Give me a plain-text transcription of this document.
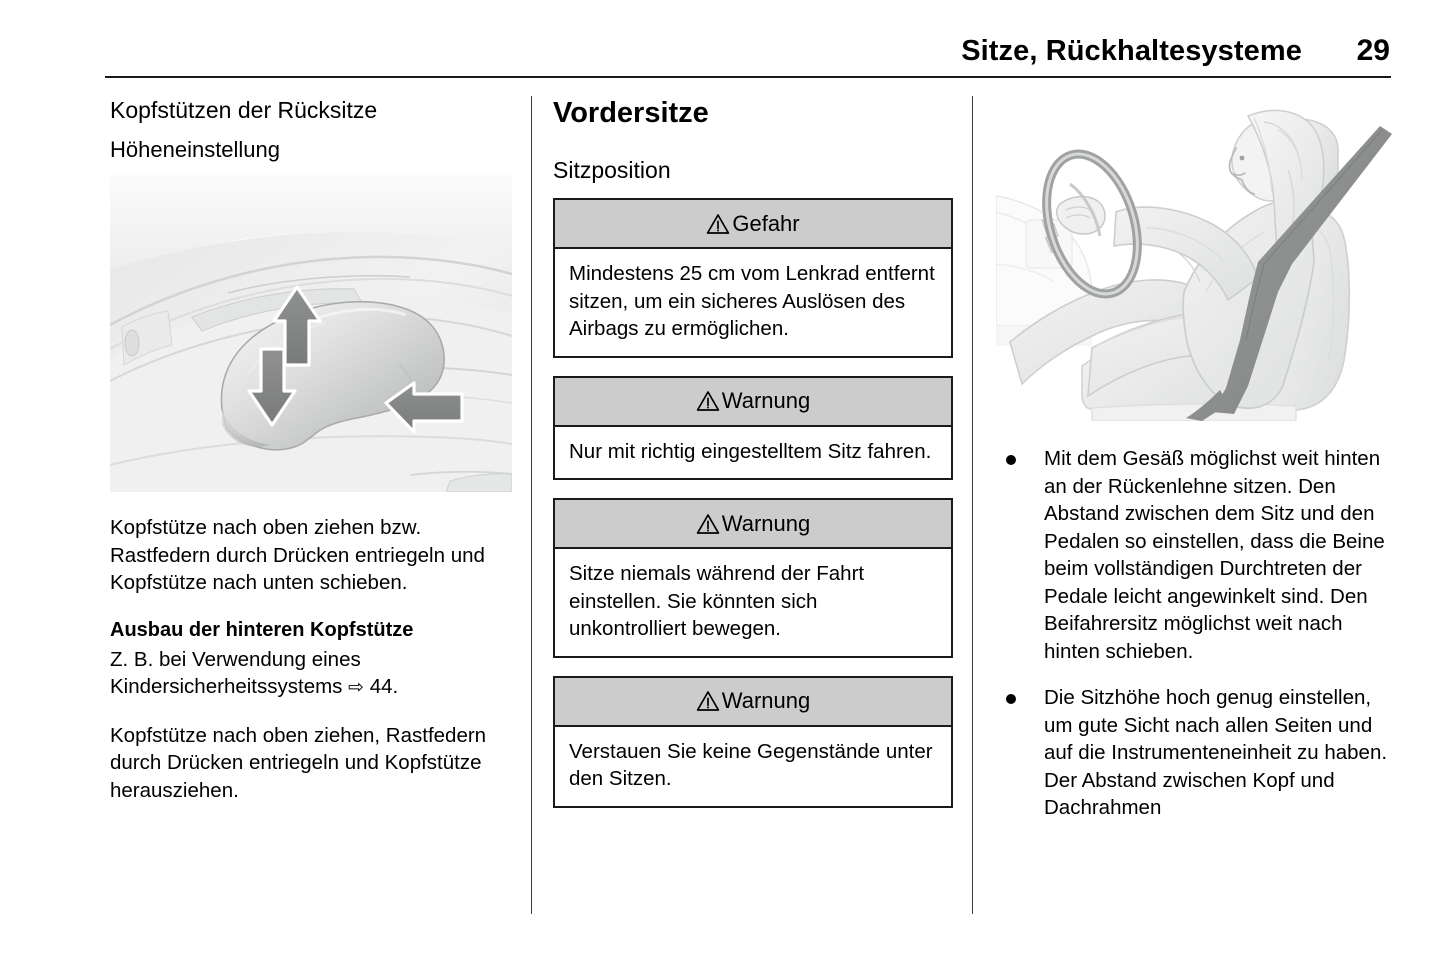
Sitze, Rückhaltesysteme	29
Kopfstützen der Rücksitze
Höheneinstellung

Kopfstütze nach oben ziehen bzw. Rastfedern durch Drücken entriegeln und Kopfstütze nach unten schieben.

Ausbau der hinteren Kopfstütze

Z. B. bei Verwendung eines Kindersicherheitssystems ⇨ 44.

Kopfstütze nach oben ziehen, Rastfedern durch Drücken entriegeln und Kopfstütze herausziehen.

Vordersitze
Sitzposition
Gefahr
Mindestens 25 cm vom Lenkrad entfernt sitzen, um ein sicheres Auslösen des Airbags zu ermöglichen.
Warnung
Nur mit richtig eingestelltem Sitz fahren.
Warnung
Sitze niemals während der Fahrt einstellen. Sie könnten sich unkontrolliert bewegen.
Warnung
Verstauen Sie keine Gegenstände unter den Sitzen.
Mit dem Gesäß möglichst weit hinten an der Rückenlehne sitzen. Den Abstand zwischen dem Sitz und den Pedalen so einstellen, dass die Beine beim vollständigen Durchtreten der Pedale leicht angewinkelt sind. Den Beifahrersitz möglichst weit nach hinten schieben.
Die Sitzhöhe hoch genug einstellen, um gute Sicht nach allen Seiten und auf die Instrumenteneinheit zu haben. Der Abstand zwischen Kopf und Dachrahmen
